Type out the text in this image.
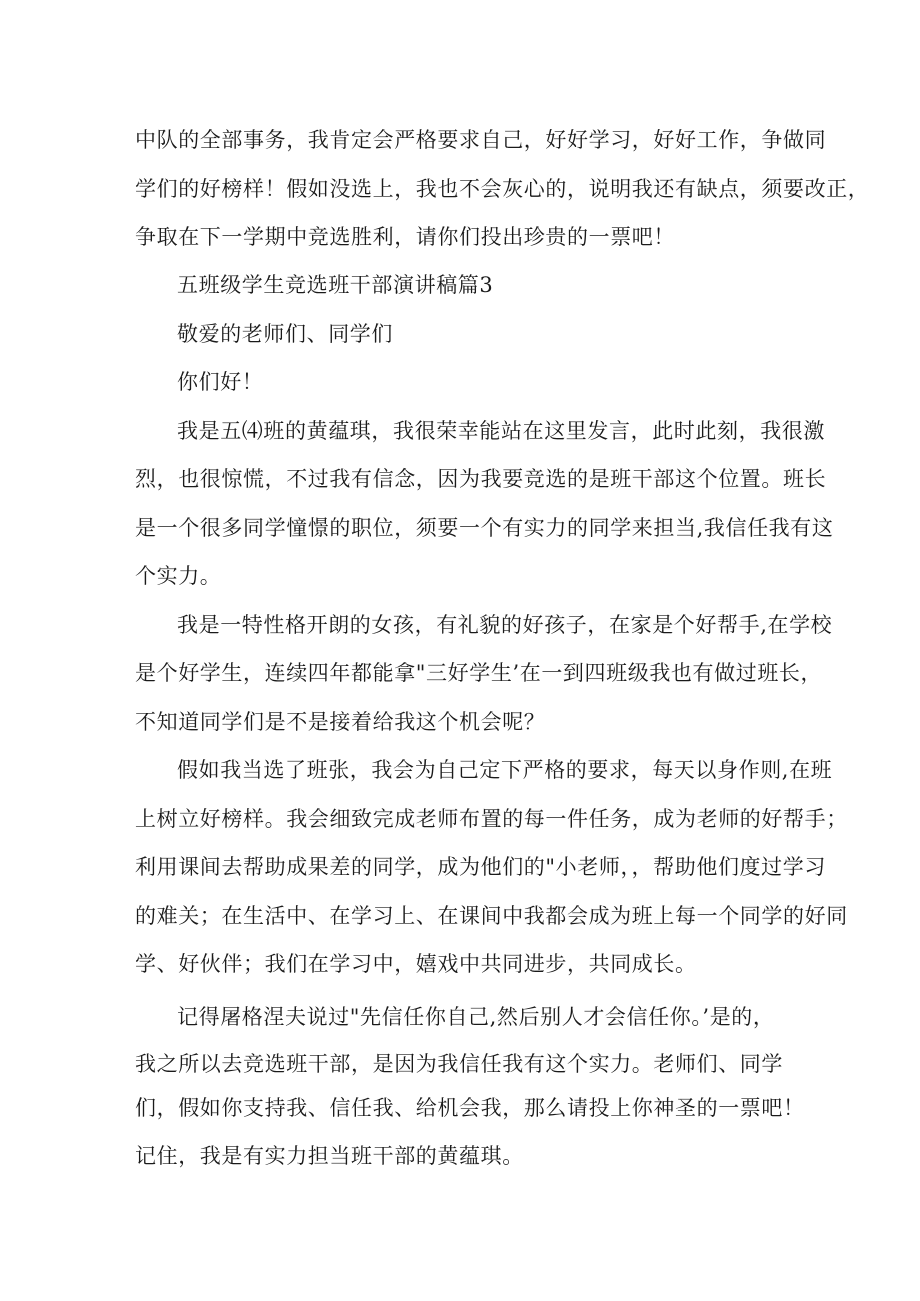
中队的全部事务，我肯定会严格要求自己，好好学习，好好工作，争做同
学们的好榜样！假如没选上，我也不会灰心的，说明我还有缺点，须要改正，
争取在下一学期中竞选胜利，请你们投出珍贵的一票吧！
五班级学生竞选班干部演讲稿篇3
敬爱的老师们、同学们
你们好！
我是五⑷班的黄蕴琪，我很荣幸能站在这里发言，此时此刻，我很激
烈，也很惊慌，不过我有信念，因为我要竞选的是班干部这个位置。班长
是一个很多同学憧憬的职位，须要一个有实力的同学来担当,我信任我有这
个实力。
我是一特性格开朗的女孩，有礼貌的好孩子，在家是个好帮手,在学校
是个好学生，连续四年都能拿"三好学生’在一到四班级我也有做过班长，
不知道同学们是不是接着给我这个机会呢？
假如我当选了班张，我会为自己定下严格的要求，每天以身作则,在班
上树立好榜样。我会细致完成老师布置的每一件任务，成为老师的好帮手；
利用课间去帮助成果差的同学，成为他们的"小老师，，帮助他们度过学习
的难关；在生活中、在学习上、在课间中我都会成为班上每一个同学的好同
学、好伙伴；我们在学习中，嬉戏中共同进步，共同成长。
记得屠格涅夫说过"先信任你自己,然后别人才会信任你。’是的，
我之所以去竞选班干部，是因为我信任我有这个实力。老师们、同学
们，假如你支持我、信任我、给机会我，那么请投上你神圣的一票吧！
记住，我是有实力担当班干部的黄蕴琪。
